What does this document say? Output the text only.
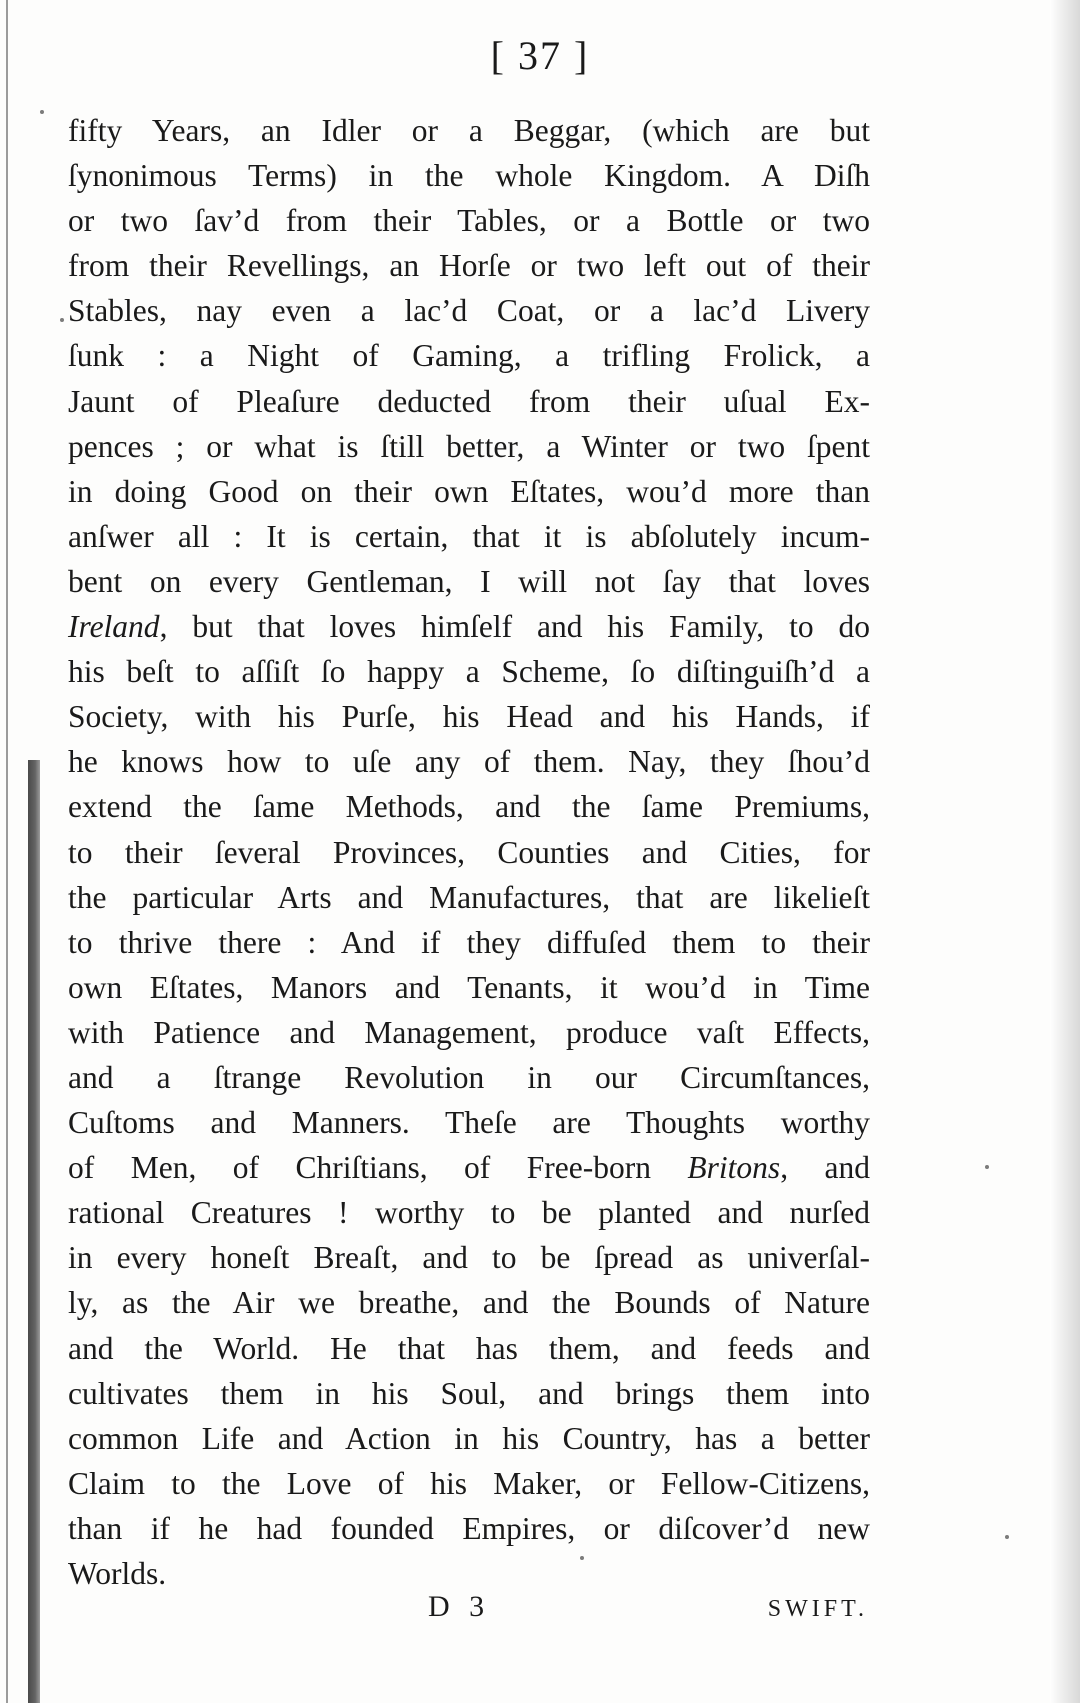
[ 37 ]
fifty Years, an Idler or a Beggar, (which are but
ſynonimous Terms) in the whole Kingdom. A Diſh
or two ſav’d from their Tables, or a Bottle or two
from their Revellings, an Horſe or two left out of their
Stables, nay even a lac’d Coat, or a lac’d Livery
ſunk : a Night of Gaming, a trifling Frolick, a
Jaunt of Pleaſure deducted from their uſual Ex-
pences ; or what is ſtill better, a Winter or two ſpent
in doing Good on their own Eſtates, wou’d more than
anſwer all : It is certain, that it is abſolutely incum-
bent on every Gentleman, I will not ſay that loves
Ireland, but that loves himſelf and his Family, to do
his beſt to aſſiſt ſo happy a Scheme, ſo diſtinguiſh’d a
Society, with his Purſe, his Head and his Hands, if
he knows how to uſe any of them. Nay, they ſhou’d
extend the ſame Methods, and the ſame Premiums,
to their ſeveral Provinces, Counties and Cities, for
the particular Arts and Manufactures, that are likelieſt
to thrive there : And if they diffuſed them to their
own Eſtates, Manors and Tenants, it wou’d in Time
with Patience and Management, produce vaſt Effects,
and a ſtrange Revolution in our Circumſtances,
Cuſtoms and Manners. Theſe are Thoughts worthy
of Men, of Chriſtians, of Free-born Britons, and
rational Creatures ! worthy to be planted and nurſed
in every honeſt Breaſt, and to be ſpread as univerſal-
ly, as the Air we breathe, and the Bounds of Nature
and the World. He that has them, and feeds and
cultivates them in his Soul, and brings them into
common Life and Action in his Country, has a better
Claim to the Love of his Maker, or Fellow-Citizens,
than if he had founded Empires, or diſcover’d new
Worlds.
D 3	SWIFT.
